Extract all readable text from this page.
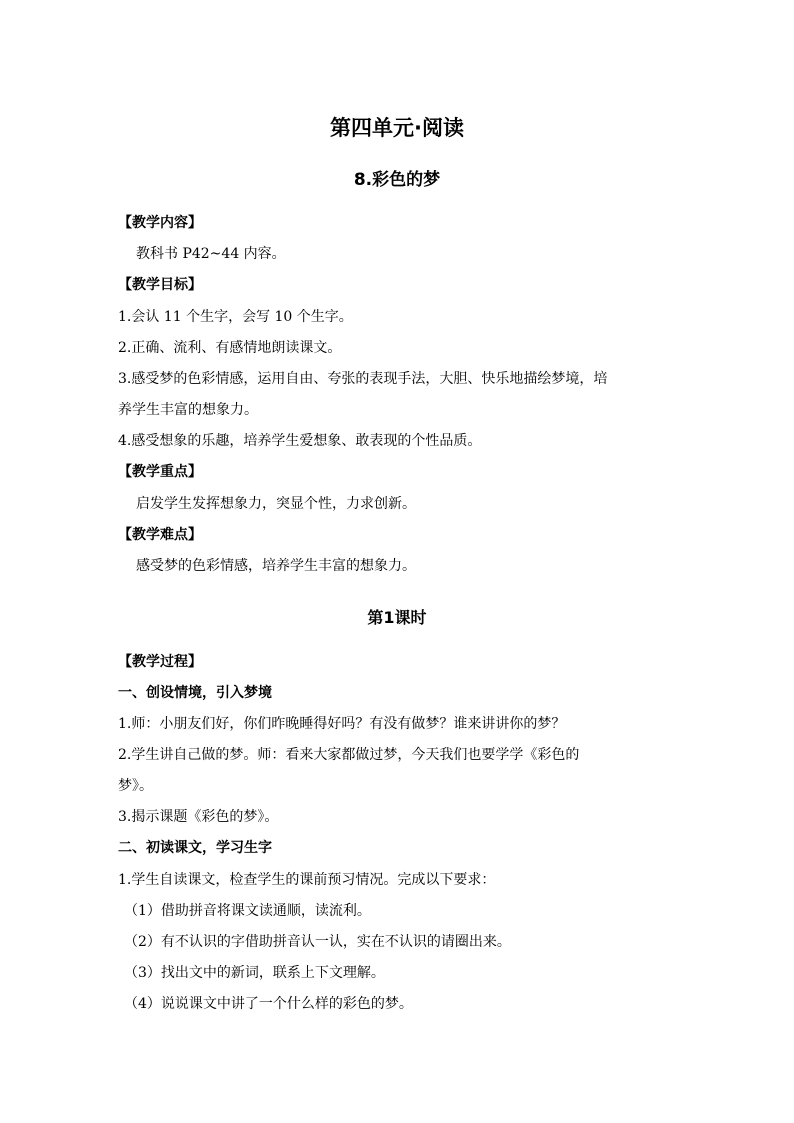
第四单元·阅读
8.彩色的梦
【教学内容】
教科书 P42~44 内容。
【教学目标】
1.会认 11 个生字，会写 10 个生字。
2.正确、流利、有感情地朗读课文。
3.感受梦的色彩情感，运用自由、夸张的表现手法，大胆、快乐地描绘梦境，培
养学生丰富的想象力。
4.感受想象的乐趣，培养学生爱想象、敢表现的个性品质。
【教学重点】
启发学生发挥想象力，突显个性，力求创新。
【教学难点】
感受梦的色彩情感，培养学生丰富的想象力。
第1课时
【教学过程】
一、创设情境，引入梦境
1.师：小朋友们好，你们昨晚睡得好吗？有没有做梦？谁来讲讲你的梦？
2.学生讲自己做的梦。师：看来大家都做过梦，今天我们也要学学《彩色的
梦》。
3.揭示课题《彩色的梦》。
二、初读课文，学习生字
1.学生自读课文，检查学生的课前预习情况。完成以下要求：
（1）借助拼音将课文读通顺，读流利。
（2）有不认识的字借助拼音认一认，实在不认识的请圈出来。
（3）找出文中的新词，联系上下文理解。
（4）说说课文中讲了一个什么样的彩色的梦。
